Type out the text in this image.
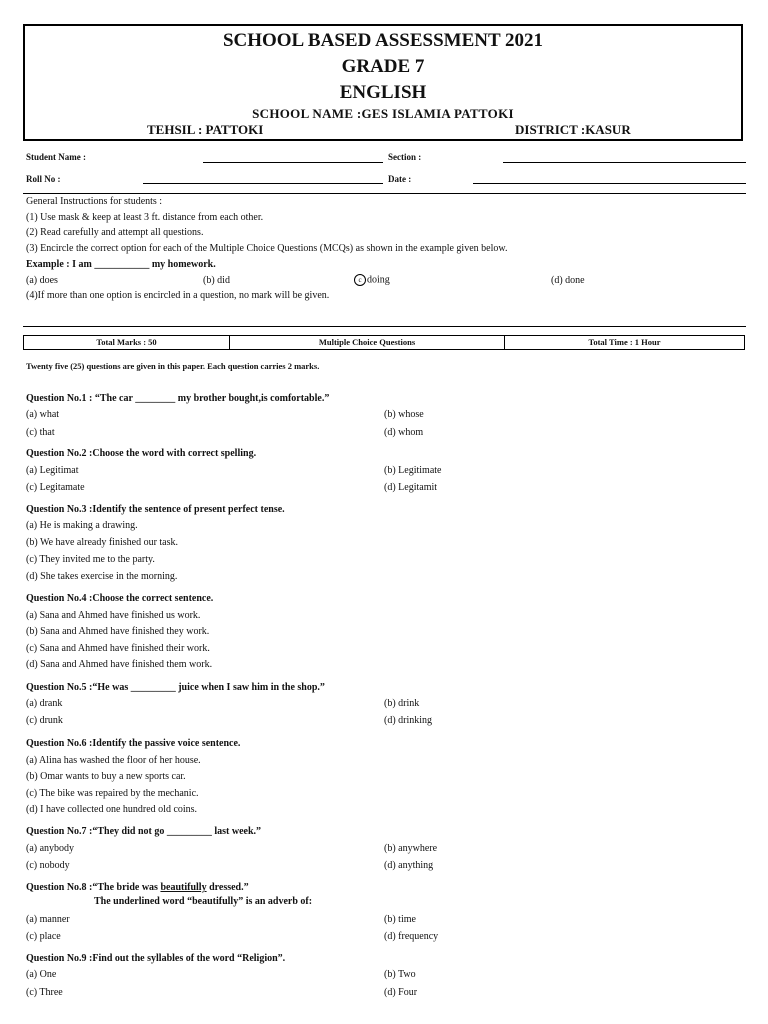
SCHOOL BASED ASSESSMENT 2021
GRADE 7
ENGLISH
SCHOOL NAME :GES ISLAMIA PATTOKI
TEHSIL : PATTOKI	DISTRICT :KASUR
Student Name :	Section :
Roll No :	Date :
General Instructions for students :
(1) Use mask & keep at least 3 ft. distance from each other.
(2) Read carefully and attempt all questions.
(3) Encircle the correct option for each of the Multiple Choice Questions (MCQs) as shown in the example given below.
Example : I am ___________ my homework.
(a) does	(b) did	c doing	(d) done
(4)If more than one option is encircled in a question, no mark will be given.
Total Marks : 50	Multiple Choice Questions	Total Time : 1 Hour
Twenty five (25) questions are given in this paper. Each question carries 2 marks.
Question No.1 : “The car ________ my brother bought,is comfortable.”
(a) what	(b) whose
(c) that	(d) whom
Question No.2 :Choose the word with correct spelling.
(a) Legitimat	(b) Legitimate
(c) Legitamate	(d) Legitamit
Question No.3 :Identify the sentence of present perfect tense.
(a) He is making a drawing.
(b) We have already finished our task.
(c) They invited me to the party.
(d) She takes exercise in the morning.
Question No.4 :Choose the correct sentence.
(a) Sana and Ahmed have finished us work.
(b) Sana and Ahmed have finished they work.
(c) Sana and Ahmed have finished their work.
(d) Sana and Ahmed have finished them work.
Question No.5 :“He was _________ juice when I saw him in the shop.”
(a) drank	(b) drink
(c) drunk	(d) drinking
Question No.6 :Identify the passive voice sentence.
(a) Alina has washed the floor of her house.
(b) Omar wants to buy a new sports car.
(c) The bike was repaired by the mechanic.
(d) I have collected one hundred old coins.
Question No.7 :“They did not go _________ last week.”
(a) anybody	(b) anywhere
(c) nobody	(d) anything
Question No.8 :“The bride was beautifully dressed.”
The underlined word “beautifully” is an adverb of:
(a) manner	(b) time
(c) place	(d) frequency
Question No.9 :Find out the syllables of the word “Religion”.
(a) One	(b) Two
(c) Three	(d) Four
